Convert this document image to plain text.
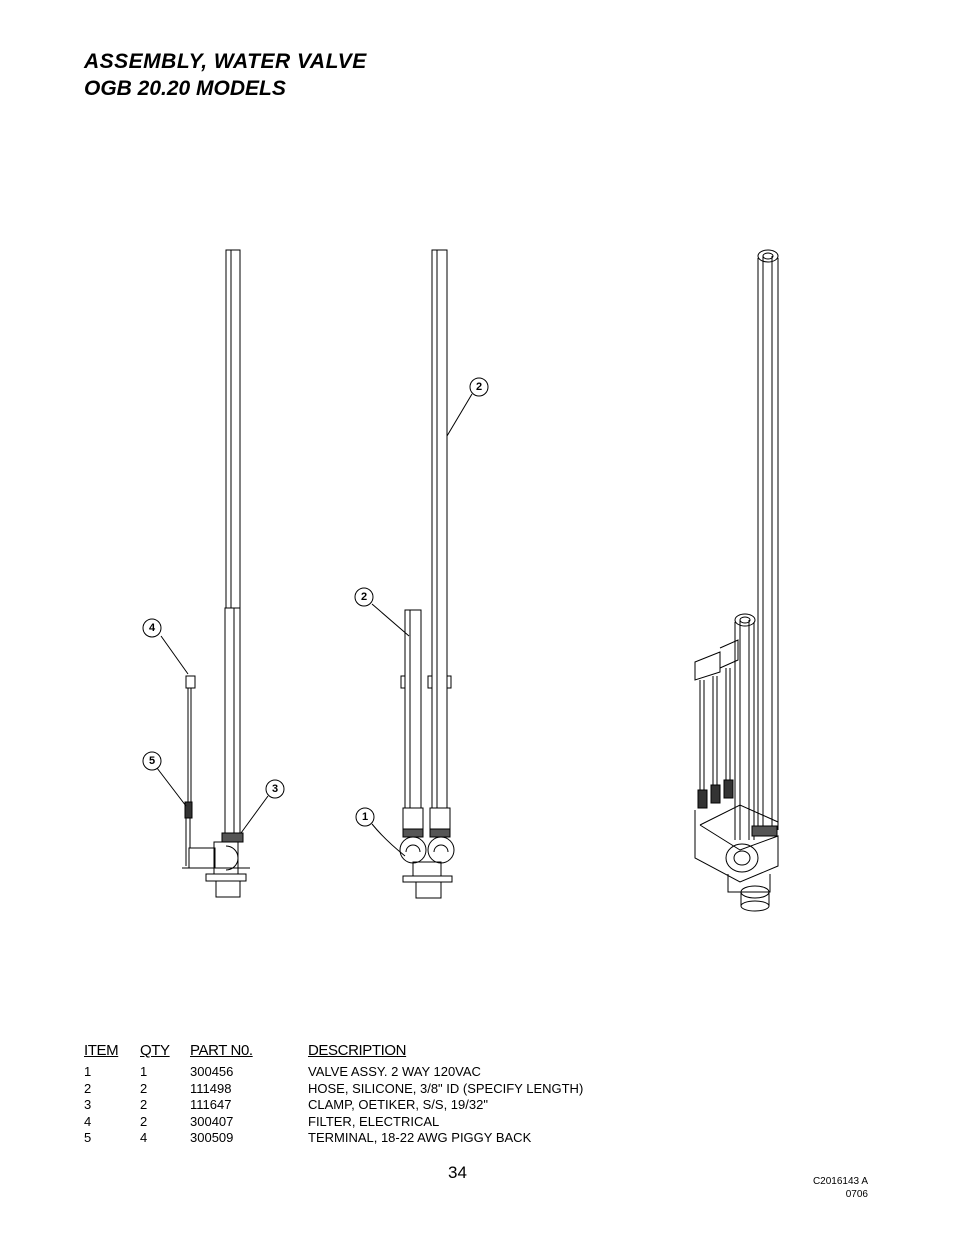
ASSEMBLY, WATER VALVE
OGB 20.20 MODELS
4
5
3
2
2
1
ITEM	QTY	PART N0.	DESCRIPTION
1	1	300456	VALVE ASSY. 2 WAY 120VAC
2	2	111498	HOSE, SILICONE, 3/8" ID (SPECIFY LENGTH)
3	2	111647	CLAMP, OETIKER, S/S, 19/32"
4	2	300407	FILTER, ELECTRICAL
5	4	300509	TERMINAL, 18-22 AWG PIGGY BACK
34	C2016143 A
0706
